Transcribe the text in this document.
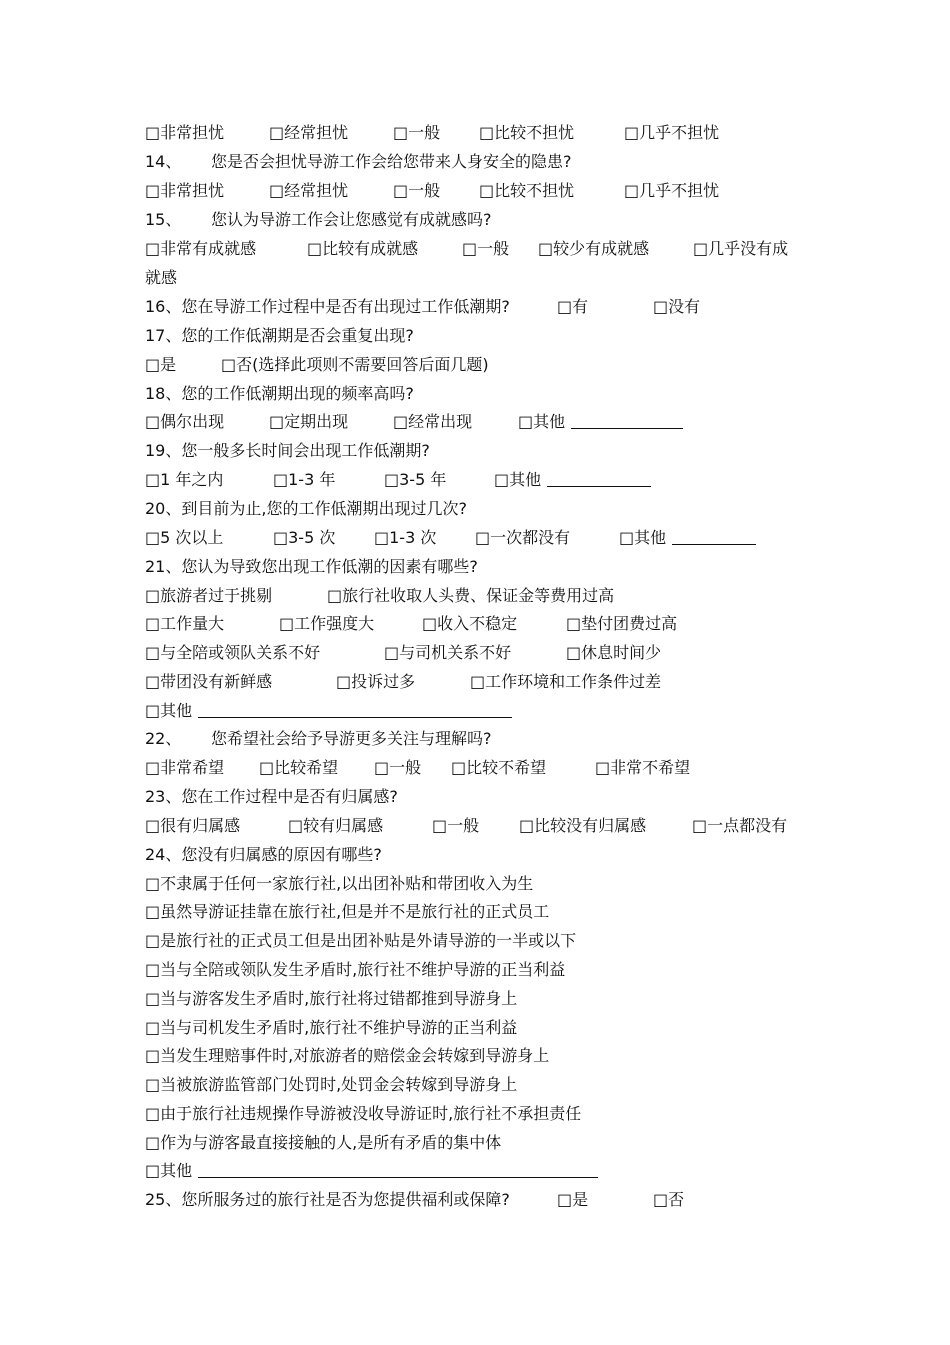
□非常担忧	□经常担忧	□一般 □比较不担忧	□几乎不担忧
14、 您是否会担忧导游工作会给您带来人身安全的隐患?
□非常担忧	□经常担忧	□一般 □比较不担忧	□几乎不担忧
15、 您认为导游工作会让您感觉有成就感吗?
□非常有成就感	□比较有成就感	□一般 □较少有成就感	□几乎没有成
就感
16、您在导游工作过程中是否有出现过工作低潮期?	□有	□没有
17、您的工作低潮期是否会重复出现?
□是	□否(选择此项则不需要回答后面几题)
18、您的工作低潮期出现的频率高吗?
□偶尔出现	□定期出现	□经常出现	□其他
19、您一般多长时间会出现工作低潮期?
□1 年之内	□1-3 年	□3-5 年	□其他
20、到目前为止,您的工作低潮期出现过几次?
□5 次以上	□3-5 次 □1-3 次 □一次都没有	□其他
21、您认为导致您出现工作低潮的因素有哪些?
□旅游者过于挑剔	□旅行社收取人头费、保证金等费用过高
□工作量大	□工作强度大	□收入不稳定	□垫付团费过高
□与全陪或领队关系不好	□与司机关系不好	□休息时间少
□带团没有新鲜感	□投诉过多	□工作环境和工作条件过差
□其他
22、 您希望社会给予导游更多关注与理解吗?
□非常希望 □比较希望 □一般 □比较不希望	□非常不希望
23、您在工作过程中是否有归属感?
□很有归属感	□较有归属感	□一般 □比较没有归属感	□一点都没有
24、您没有归属感的原因有哪些?
□不隶属于任何一家旅行社,以出团补贴和带团收入为生
□虽然导游证挂靠在旅行社,但是并不是旅行社的正式员工
□是旅行社的正式员工但是出团补贴是外请导游的一半或以下
□当与全陪或领队发生矛盾时,旅行社不维护导游的正当利益
□当与游客发生矛盾时,旅行社将过错都推到导游身上
□当与司机发生矛盾时,旅行社不维护导游的正当利益
□当发生理赔事件时,对旅游者的赔偿金会转嫁到导游身上
□当被旅游监管部门处罚时,处罚金会转嫁到导游身上
□由于旅行社违规操作导游被没收导游证时,旅行社不承担责任
□作为与游客最直接接触的人,是所有矛盾的集中体
□其他
25、您所服务过的旅行社是否为您提供福利或保障?	□是	□否
